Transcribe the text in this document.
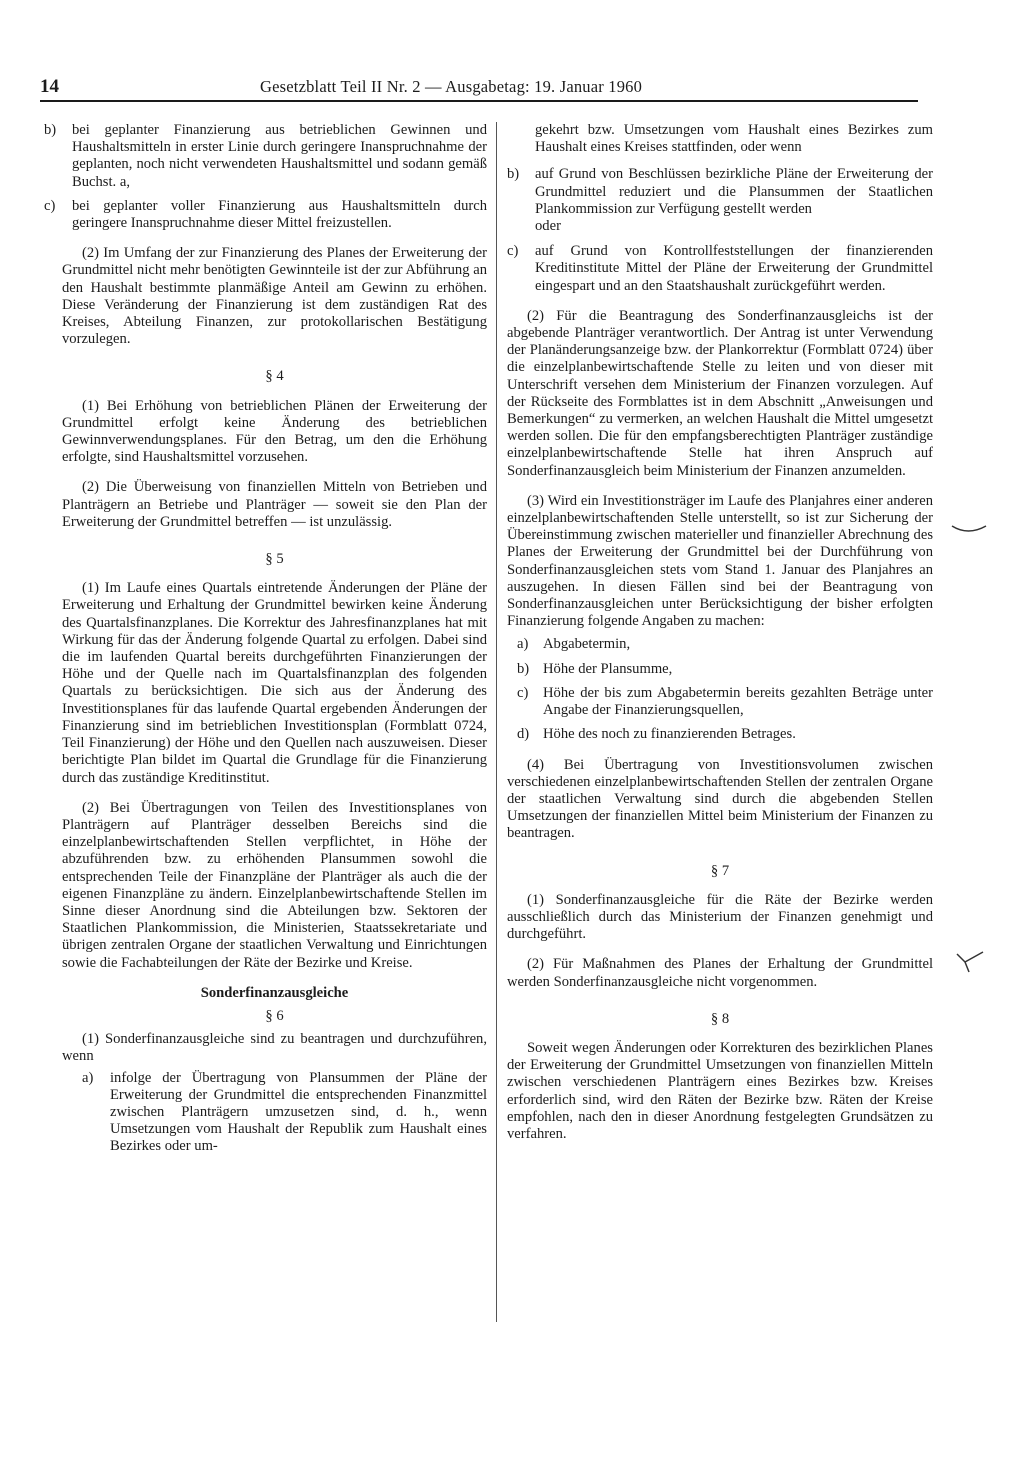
14	Gesetzblatt Teil II Nr. 2 — Ausgabetag: 19. Januar 1960
b)	bei geplanter Finanzierung aus betrieblichen Gewinnen und Haushaltsmitteln in erster Linie durch geringere Inanspruchnahme der geplanten, noch nicht verwendeten Haushaltsmittel und sodann gemäß Buchst. a,
c)	bei geplanter voller Finanzierung aus Haushaltsmitteln durch geringere Inanspruchnahme dieser Mittel freizustellen.

(2) Im Umfang der zur Finanzierung des Planes der Erweiterung der Grundmittel nicht mehr benötigten Gewinnteile ist der zur Abführung an den Haushalt bestimmte planmäßige Anteil am Gewinn zu erhöhen. Diese Veränderung der Finanzierung ist dem zuständigen Rat des Kreises, Abteilung Finanzen, zur protokollarischen Bestätigung vorzulegen.

§ 4

(1) Bei Erhöhung von betrieblichen Plänen der Erweiterung der Grundmittel erfolgt keine Änderung des betrieblichen Gewinnverwendungsplanes. Für den Betrag, um den die Erhöhung erfolgte, sind Haushaltsmittel vorzusehen.

(2) Die Überweisung von finanziellen Mitteln von Betrieben und Planträgern an Betriebe und Planträger — soweit sie den Plan der Erweiterung der Grundmittel betreffen — ist unzulässig.

§ 5

(1) Im Laufe eines Quartals eintretende Änderungen der Pläne der Erweiterung und Erhaltung der Grundmittel bewirken keine Änderung des Quartalsfinanzplanes. Die Korrektur des Jahresfinanzplanes hat mit Wirkung für das der Änderung folgende Quartal zu erfolgen. Dabei sind die im laufenden Quartal bereits durchgeführten Finanzierungen der Höhe und der Quelle nach im Quartalsfinanzplan des folgenden Quartals zu berücksichtigen. Die sich aus der Änderung des Investitionsplanes für das laufende Quartal ergebenden Änderungen der Finanzierung sind im betrieblichen Investitionsplan (Formblatt 0724, Teil Finanzierung) der Höhe und den Quellen nach auszuweisen. Dieser berichtigte Plan bildet im Quartal die Grundlage für die Finanzierung durch das zuständige Kreditinstitut.

(2) Bei Übertragungen von Teilen des Investitionsplanes von Planträgern auf Planträger desselben Bereichs sind die einzelplanbewirtschaftenden Stellen verpflichtet, in Höhe der abzuführenden bzw. zu erhöhenden Plansummen sowohl die entsprechenden Teile der Finanzpläne der Planträger als auch die der eigenen Finanzpläne zu ändern. Einzelplanbewirtschaftende Stellen im Sinne dieser Anordnung sind die Abteilungen bzw. Sektoren der Staatlichen Plankommission, die Ministerien, Staatssekretariate und übrigen zentralen Organe der staatlichen Verwaltung und Einrichtungen sowie die Fachabteilungen der Räte der Bezirke und Kreise.

Sonderfinanzausgleiche
§ 6

(1) Sonderfinanzausgleiche sind zu beantragen und durchzuführen, wenn

a)	infolge der Übertragung von Plansummen der Pläne der Erweiterung der Grundmittel die entsprechenden Finanzmittel zwischen Planträgern umzusetzen sind, d. h., wenn Umsetzungen vom Haushalt der Republik zum Haushalt eines Bezirkes oder um-

gekehrt bzw. Umsetzungen vom Haushalt eines Bezirkes zum Haushalt eines Kreises stattfinden, oder wenn

b)	auf Grund von Beschlüssen bezirkliche Pläne der Erweiterung der Grundmittel reduziert und die Plansummen der Staatlichen Plankommission zur Verfügung gestellt werden
oder
c)	auf Grund von Kontrollfeststellungen der finanzierenden Kreditinstitute Mittel der Pläne der Erweiterung der Grundmittel eingespart und an den Staatshaushalt zurückgeführt werden.

(2) Für die Beantragung des Sonderfinanzausgleichs ist der abgebende Planträger verantwortlich. Der Antrag ist unter Verwendung der Planänderungsanzeige bzw. der Plankorrektur (Formblatt 0724) über die einzelplanbewirtschaftende Stelle zu leiten und von dieser mit Unterschrift versehen dem Ministerium der Finanzen vorzulegen. Auf der Rückseite des Formblattes ist in dem Abschnitt „Anweisungen und Bemerkungen“ zu vermerken, an welchen Haushalt die Mittel umgesetzt werden sollen. Die für den empfangsberechtigten Planträger zuständige einzelplanbewirtschaftende Stelle hat ihren Anspruch auf Sonderfinanzausgleich beim Ministerium der Finanzen anzumelden.

(3) Wird ein Investitionsträger im Laufe des Planjahres einer anderen einzelplanbewirtschaftenden Stelle unterstellt, so ist zur Sicherung der Übereinstimmung zwischen materieller und finanzieller Abrechnung des Planes der Erweiterung der Grundmittel bei der Durchführung von Sonderfinanzausgleichen stets vom Stand 1. Januar des Planjahres an auszugehen. In diesen Fällen sind bei der Beantragung von Sonderfinanzausgleichen unter Berücksichtigung der bisher erfolgten Finanzierung folgende Angaben zu machen:

a)	Abgabetermin,
b) Höhe der Plansumme,
c)	Höhe der bis zum Abgabetermin bereits gezahlten Beträge unter Angabe der Finanzierungsquellen,
d) Höhe des noch zu finanzierenden Betrages.

(4) Bei Übertragung von Investitionsvolumen zwischen verschiedenen einzelplanbewirtschaftenden Stellen der zentralen Organe der staatlichen Verwaltung sind durch die abgebenden Stellen Umsetzungen der finanziellen Mittel beim Ministerium der Finanzen zu beantragen.

§ 7

(1) Sonderfinanzausgleiche für die Räte der Bezirke werden ausschließlich durch das Ministerium der Finanzen genehmigt und durchgeführt.

(2) Für Maßnahmen des Planes der Erhaltung der Grundmittel werden Sonderfinanzausgleiche nicht vorgenommen.

§ 8

Soweit wegen Änderungen oder Korrekturen des bezirklichen Planes der Erweiterung der Grundmittel Umsetzungen von finanziellen Mitteln zwischen verschiedenen Planträgern eines Bezirkes bzw. Kreises erforderlich sind, wird den Räten der Bezirke bzw. Räten der Kreise empfohlen, nach den in dieser Anordnung festgelegten Grundsätzen zu verfahren.
